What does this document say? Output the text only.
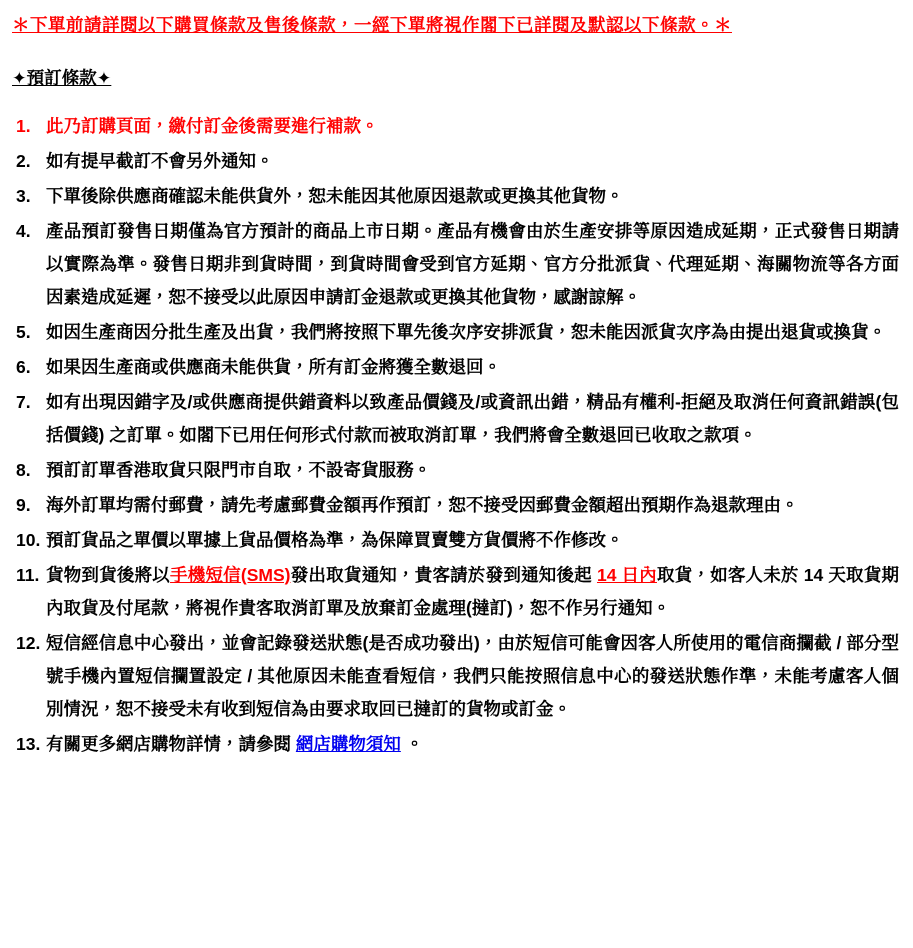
＊下單前請詳閱以下購買條款及售後條款，一經下單將視作閣下已詳閱及默認以下條款。＊
✦預訂條款✦
1. 此乃訂購頁面，繳付訂金後需要進行補款。
2. 如有提早截訂不會另外通知。
3. 下單後除供應商確認未能供貨外，恕未能因其他原因退款或更換其他貨物。
4. 產品預訂發售日期僅為官方預計的商品上市日期。產品有機會由於生產安排等原因造成延期，正式發售日期請以實際為準。發售日期非到貨時間，到貨時間會受到官方延期、官方分批派貨、代理延期、海關物流等各方面因素造成延遲，恕不接受以此原因申請訂金退款或更換其他貨物，感謝諒解。
5. 如因生產商因分批生產及出貨，我們將按照下單先後次序安排派貨，恕未能因派貨次序為由提出退貨或換貨。
6. 如果因生產商或供應商未能供貨，所有訂金將獲全數退回。
7. 如有出現因錯字及/或供應商提供錯資料以致產品價錢及/或資訊出錯，精品有權利-拒絕及取消任何資訊錯誤(包括價錢) 之訂單。如閣下已用任何形式付款而被取消訂單，我們將會全數退回已收取之款項。
8. 預訂訂單香港取貨只限門市自取，不設寄貨服務。
9. 海外訂單均需付郵費，請先考慮郵費金額再作預訂，恕不接受因郵費金額超出預期作為退款理由。
10. 預訂貨品之單價以單據上貨品價格為準，為保障買賣雙方貨價將不作修改。
11. 貨物到貨後將以手機短信(SMS)發出取貨通知，貴客請於發到通知後起 14 日內取貨，如客人未於 14 天取貨期內取貨及付尾款，將視作貴客取消訂單及放棄訂金處理(撻訂)，恕不作另行通知。
12. 短信經信息中心發出，並會記錄發送狀態(是否成功發出)，由於短信可能會因客人所使用的電信商攔截 / 部分型號手機內置短信攔置設定 / 其他原因未能查看短信，我們只能按照信息中心的發送狀態作準，未能考慮客人個別情況，恕不接受未有收到短信為由要求取回已撻訂的貨物或訂金。
13. 有關更多網店購物詳情，請參閱 網店購物須知 。
